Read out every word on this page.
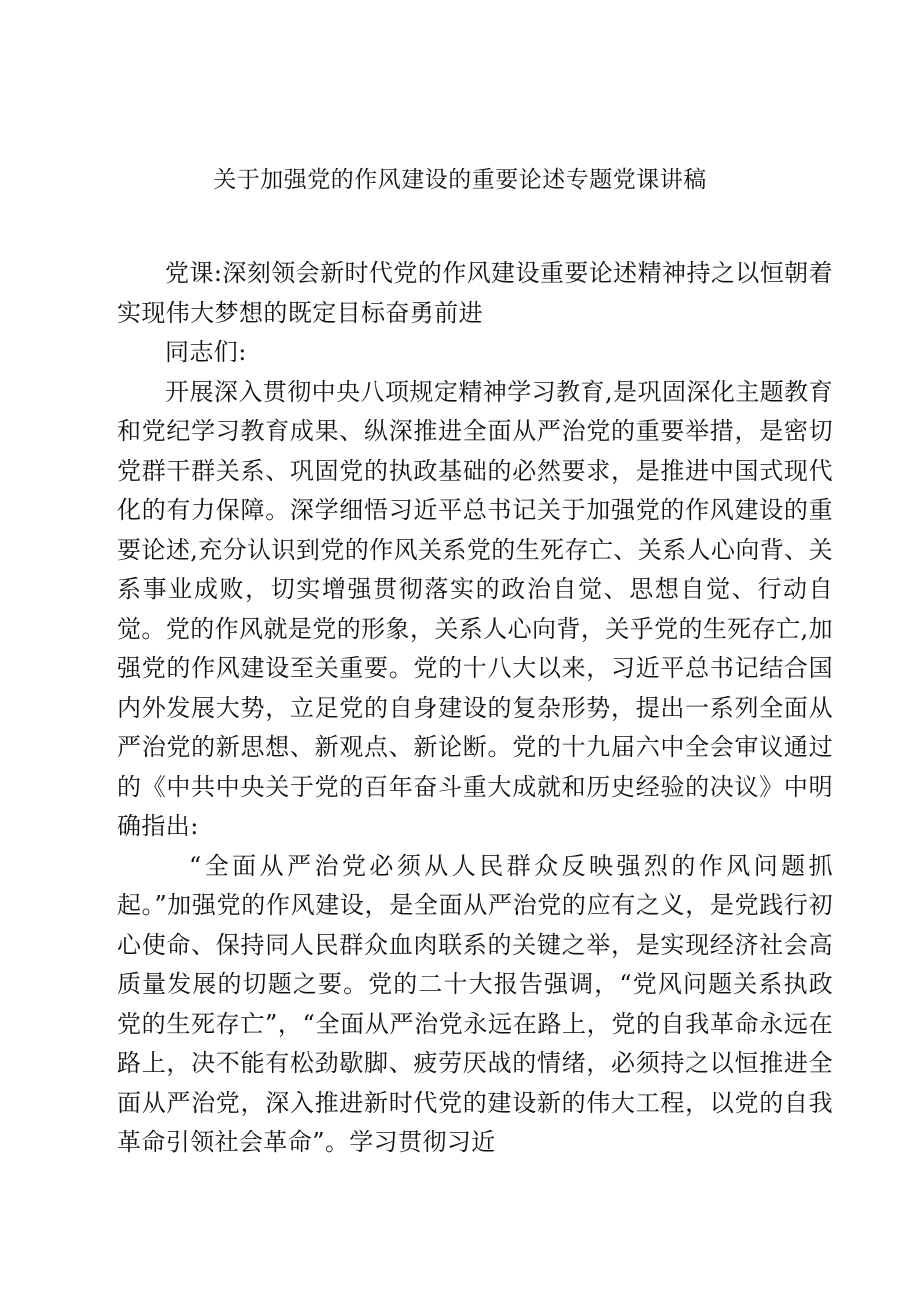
关于加强党的作风建设的重要论述专题党课讲稿

党课:深刻领会新时代党的作风建设重要论述精神持之以恒朝着实现伟大梦想的既定目标奋勇前进

同志们:

开展深入贯彻中央八项规定精神学习教育,是巩固深化主题教育和党纪学习教育成果、纵深推进全面从严治党的重要举措，是密切党群干群关系、巩固党的执政基础的必然要求，是推进中国式现代化的有力保障。深学细悟习近平总书记关于加强党的作风建设的重要论述,充分认识到党的作风关系党的生死存亡、关系人心向背、关系事业成败，切实增强贯彻落实的政治自觉、思想自觉、行动自觉。党的作风就是党的形象，关系人心向背，关乎党的生死存亡,加强党的作风建设至关重要。党的十八大以来，习近平总书记结合国内外发展大势，立足党的自身建设的复杂形势，提出一系列全面从严治党的新思想、新观点、新论断。党的十九届六中全会审议通过的《中共中央关于党的百年奋斗重大成就和历史经验的决议》中明确指出:

“全面从严治党必须从人民群众反映强烈的作风问题抓起。”加强党的作风建设，是全面从严治党的应有之义，是党践行初心使命、保持同人民群众血肉联系的关键之举，是实现经济社会高质量发展的切题之要。党的二十大报告强调，“党风问题关系执政党的生死存亡”，“全面从严治党永远在路上，党的自我革命永远在路上，决不能有松劲歇脚、疲劳厌战的情绪，必须持之以恒推进全面从严治党，深入推进新时代党的建设新的伟大工程，以党的自我革命引领社会革命”。学习贯彻习近
